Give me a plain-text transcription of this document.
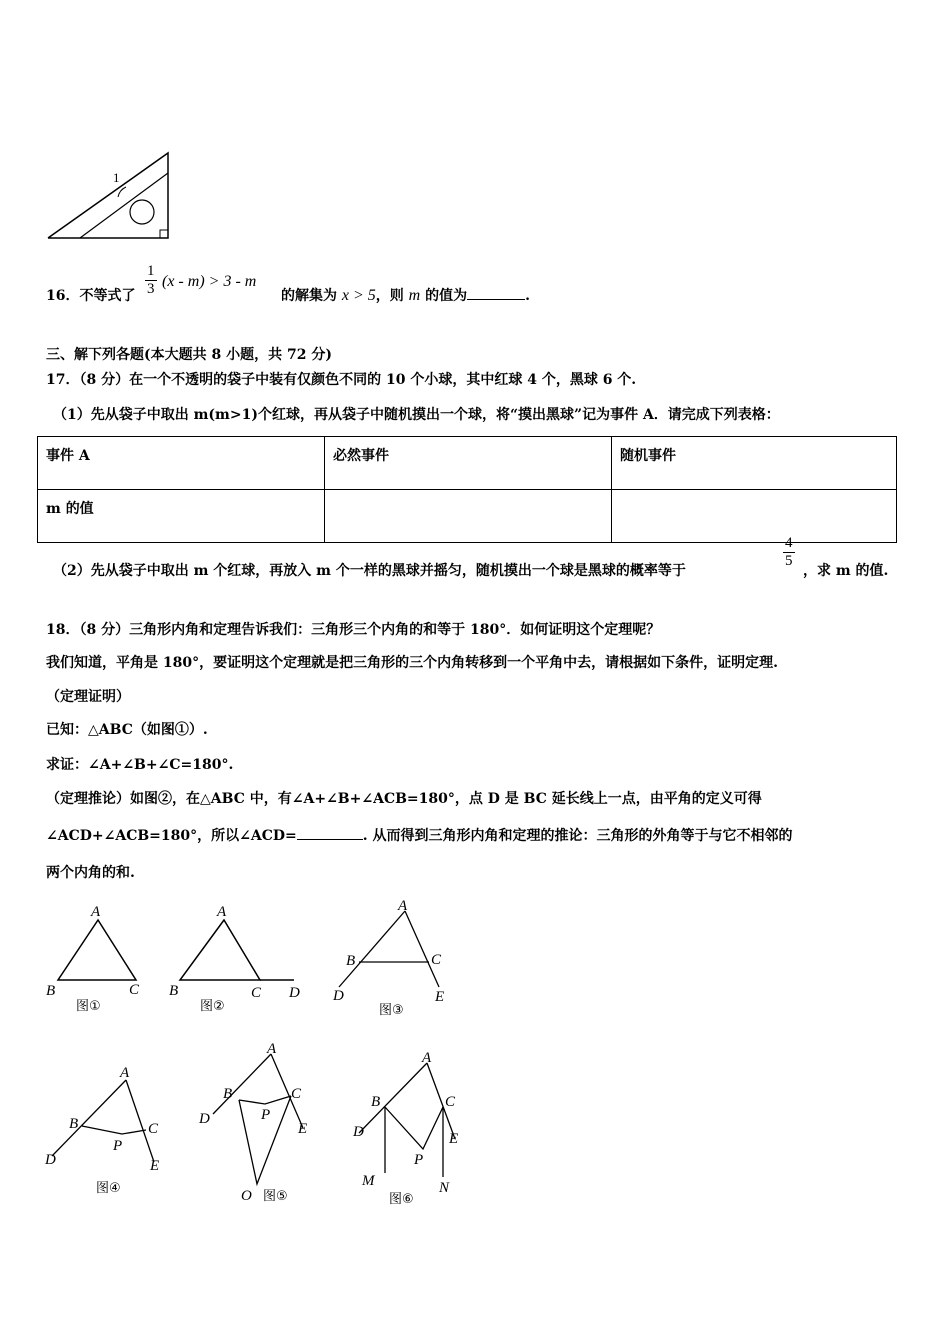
1
16．不等式了 $\frac{1}{3} (x - m) > 3 - m$
的解集为 x > 5，则 m 的值为	.
三、解下列各题(本大题共 8 小题，共 72 分)
17．（8 分）在一个不透明的袋子中装有仅颜色不同的 10 个小球，其中红球 4 个，黑球 6 个.
（1）先从袋子中取出 m(m>1)个红球，再从袋子中随机摸出一个球，将“摸出黑球”记为事件 A．请完成下列表格：
事件 A	必然事件	随机事件
m 的值		
（2）先从袋子中取出 m 个红球，再放入 m 个一样的黑球并摇匀，随机摸出一个球是黑球的概率等于
$\frac{4}{5}$
，求 m 的值.
18．（8 分）三角形内角和定理告诉我们：三角形三个内角的和等于 180°．如何证明这个定理呢？
我们知道，平角是 180°，要证明这个定理就是把三角形的三个内角转移到一个平角中去，请根据如下条件，证明定理.
（定理证明）
已知：△ABC（如图①）.
求证：∠A+∠B+∠C=180°.
（定理推论）如图②，在△ABC 中，有∠A+∠B+∠ACB=180°，点 D 是 BC 延长线上一点，由平角的定义可得
∠ACD+∠ACB=180°，所以∠ACD=	. 从而得到三角形内角和定理的推论：三角形的外角等于与它不相邻的
两个内角的和.
A
B	C
图①
A
B	C D
图②
A
B	C
D	E
图③
A
B	C
P
D	E
图④
A
B	C
P
D
E
O 图⑤
A
B	C
P
D	E
M	N
图⑥
